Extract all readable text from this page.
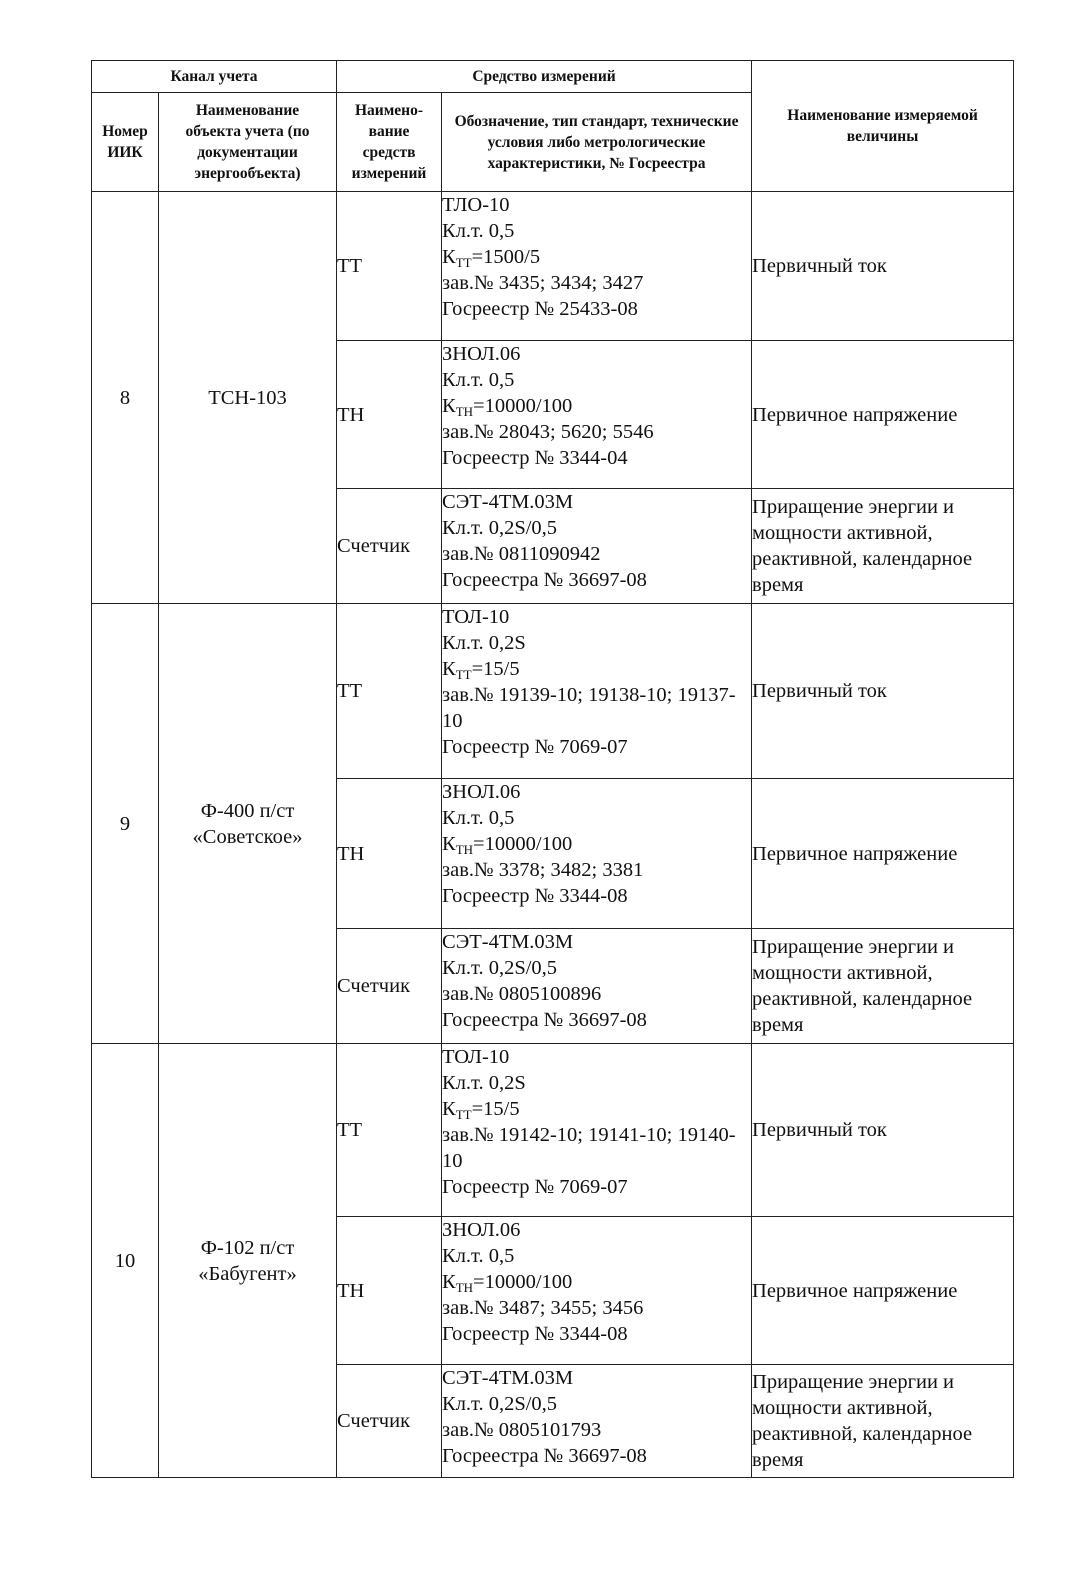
Канал учета		Средство измерений		Наименование измеряемой величины
Номер ИИК	Наименование объекта учета (по документации энергообъекта)	Наимено-вание средств измерений	Обозначение, тип стандарт, технические условия либо метрологические характеристики, № Госреестра	
8	ТСН-103	ТТ	ТЛО-10
Кл.т. 0,5
$К_{ТТ}=1500/5$
зав.№ 3435; 3434; 3427
Госреестр № 25433-08	Первичный ток
		ТН	ЗНОЛ.06
Кл.т. 0,5
$К_{ТН}=10000/100$
зав.№ 28043; 5620; 5546
Госреестр № 3344-04	Первичное напряжение
		Счетчик	СЭТ-4ТМ.03М
Кл.т. 0,2S/0,5
зав.№ 0811090942
Госреестра № 36697-08	Приращение энергии и мощности активной, реактивной, календарное время
9	Ф-400 п/ст
«Советское»	ТТ	ТОЛ-10
Кл.т. 0,2S
$К_{ТТ}=15/5$
зав.№ 19139-10; 19138-10; 19137-10
Госреестр № 7069-07	Первичный ток
		ТН	ЗНОЛ.06
Кл.т. 0,5
$К_{ТН}=10000/100$
зав.№ 3378; 3482; 3381
Госреестр № 3344-08	Первичное напряжение
		Счетчик	СЭТ-4ТМ.03М
Кл.т. 0,2S/0,5
зав.№ 0805100896
Госреестра № 36697-08	Приращение энергии и мощности активной, реактивной, календарное время
10	Ф-102 п/ст
«Бабугент»	ТТ	ТОЛ-10
Кл.т. 0,2S
$К_{ТТ}=15/5$
зав.№ 19142-10; 19141-10; 19140-10
Госреестр № 7069-07	Первичный ток
		ТН	ЗНОЛ.06
Кл.т. 0,5
$К_{ТН}=10000/100$
зав.№ 3487; 3455; 3456
Госреестр № 3344-08	Первичное напряжение
		Счетчик	СЭТ-4ТМ.03М
Кл.т. 0,2S/0,5
зав.№ 0805101793
Госреестра № 36697-08	Приращение энергии и мощности активной, реактивной, календарное время
